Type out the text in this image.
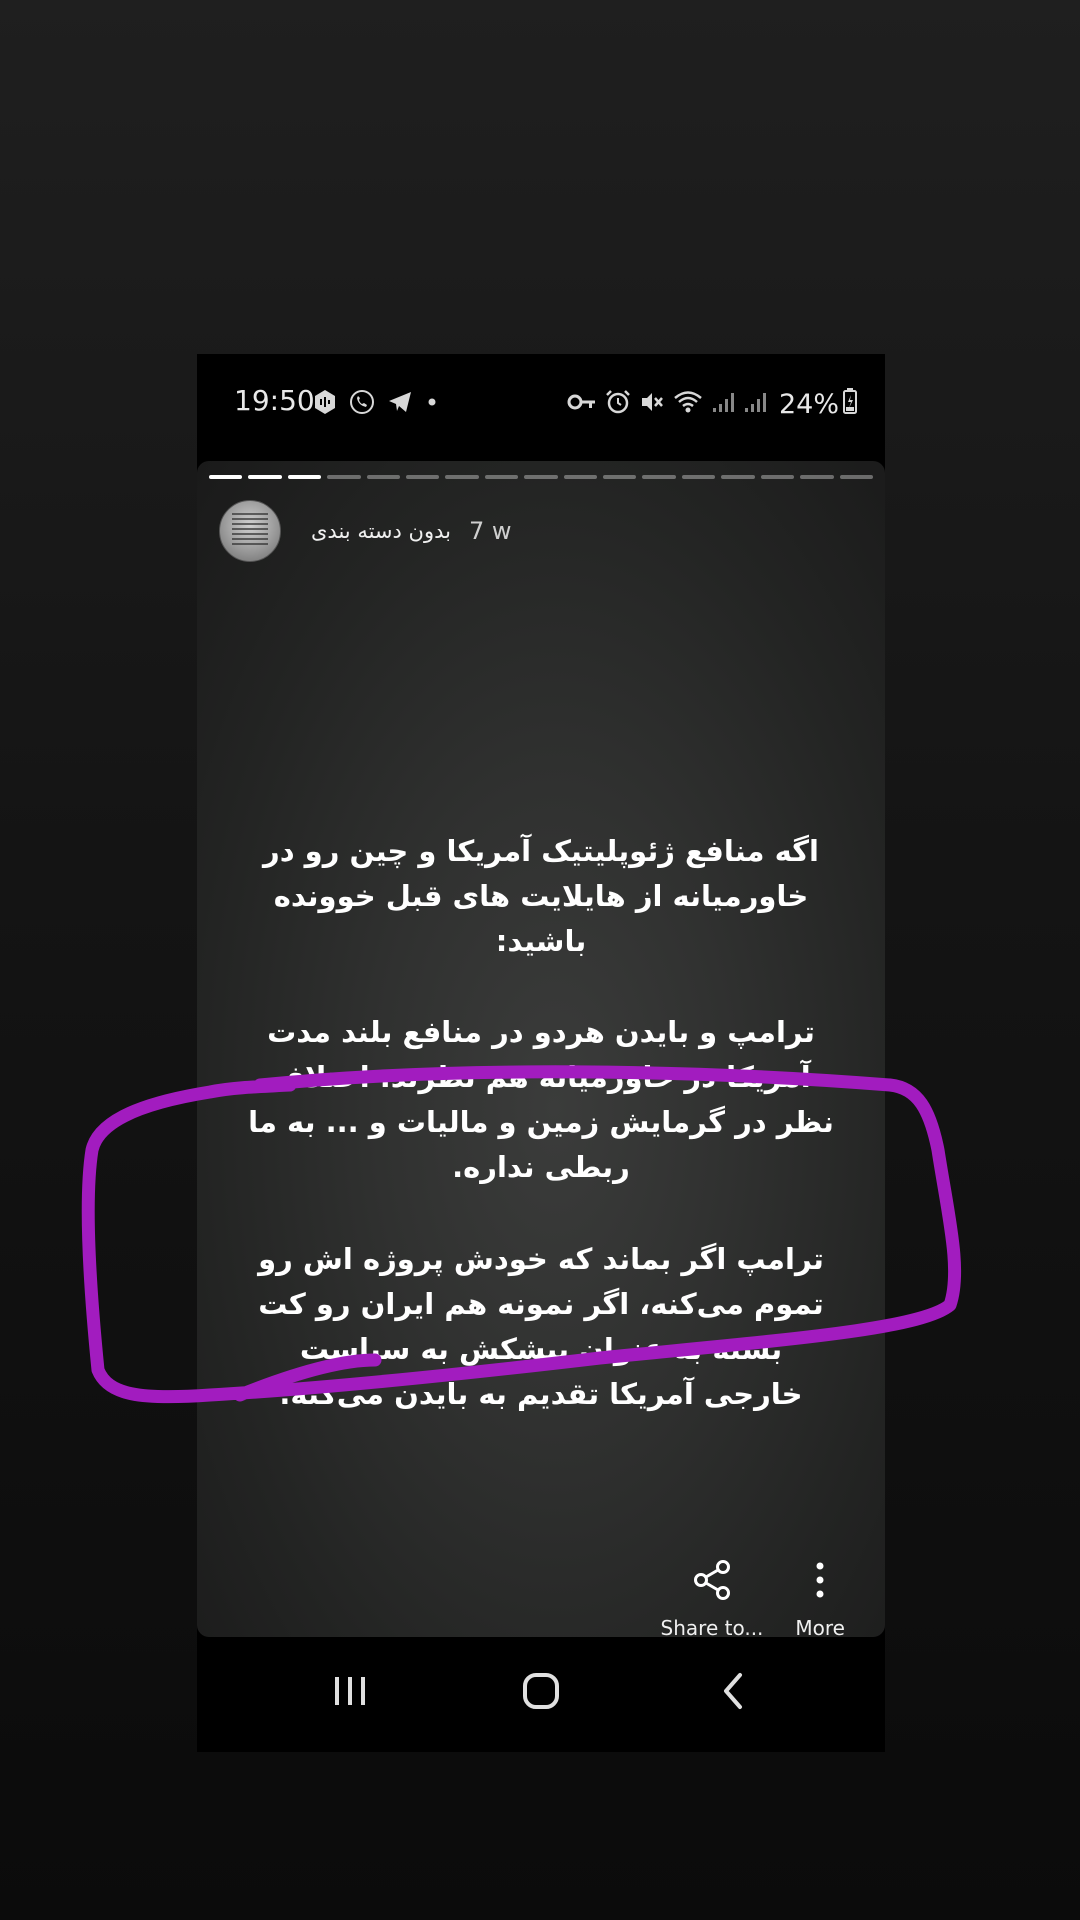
19:50	24%
بدون دسته بندی 7 w
اگه منافع ژئوپلیتیک آمریکا و چین رو در
خاورمیانه از هایلایت های قبل خوونده
باشید:
ترامپ و بایدن هردو در منافع بلند مدت
آمریکا در خاورمیانه هم نظرند. اختلاف
نظر در گرمایش زمین و مالیات و ... به ما
ربطی نداره.
ترامپ اگر بماند که خودش پروژه اش رو
تموم می‌کنه، اگر نمونه هم ایران رو کت
بسته به عنوان پیشکش به سیاست
خارجی آمریکا تقدیم به بایدن می‌کنه.
Share to... More
